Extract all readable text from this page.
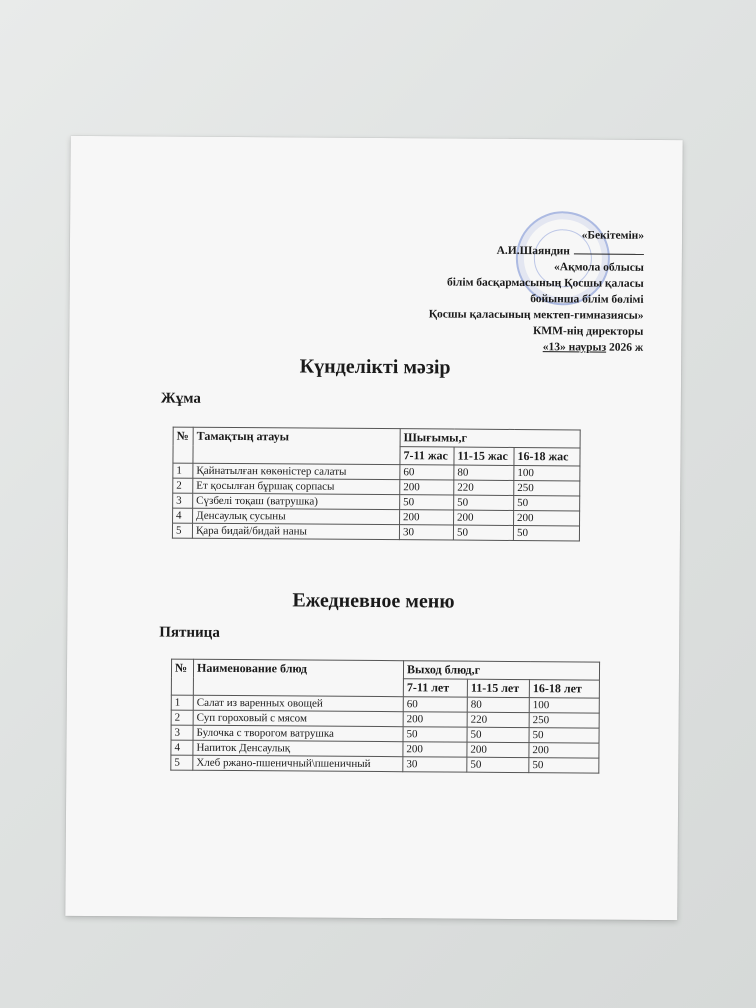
«Бекітемін»
А.И.Шаяндин
«Ақмола облысы
білім басқармасының Қосшы қаласы
бойынша білім бөлімі
Қосшы қаласының мектеп-гимназиясы»
КММ-нің директоры
«13» наурыз 2026 ж
Күнделікті мәзір
Жұма
№	Тамақтың атауы	Шығымы,г		
		7-11 жас	11-15 жас	16-18 жас
1	Қайнатылған көкөністер салаты	60	80	100
2	Ет қосылған бұршақ сорпасы	200	220	250
3	Сүзбелі тоқаш (ватрушка)	50	50	50
4	Денсаулық сусыны	200	200	200
5	Қара бидай/бидай наны	30	50	50
Ежедневное меню
Пятница
№	Наименование блюд	Выход блюд,г		
		7-11 лет	11-15 лет	16-18 лет
1	Салат из варенных овощей	60	80	100
2	Суп гороховый с мясом	200	220	250
3	Булочка с творогом ватрушка	50	50	50
4	Напиток Денсаулық	200	200	200
5	Хлеб ржано-пшеничный\пшеничный	30	50	50
